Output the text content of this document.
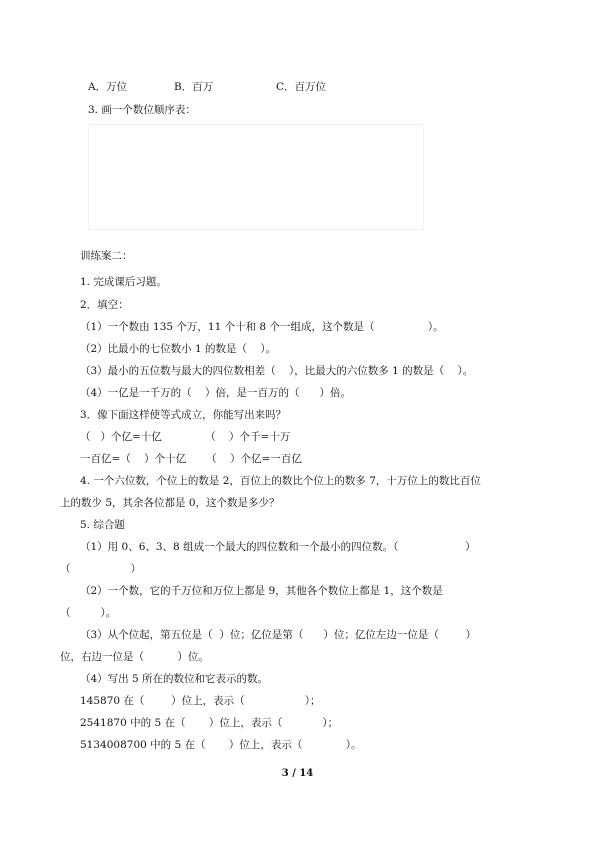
A．万位	B．百万	C．百万位
3. 画一个数位顺序表：
训练案二：
1. 完成课后习题。
2．填空：
（1）一个数由 135 个万，11 个十和 8 个一组成，这个数是（                ）。
（2）比最小的七位数小 1 的数是（    ）。
（3）最小的五位数与最大的四位数相差（    ），比最大的六位数多 1 的数是（    ）。
（4）一亿是一千万的（    ）倍，是一百万的（      ）倍。
3．像下面这样使等式成立，你能写出来吗？
（   ）个亿=十亿             （    ）个千=十万
一百亿=（    ）个十亿      （    ）个亿=一百亿
4. 一个六位数，个位上的数是 2，百位上的数比个位上的数多 7，十万位上的数比百位
上的数少 5，其余各位都是 0，这个数是多少？
5. 综合题
（1）用 0、6、3、8 组成一个最大的四位数和一个最小的四位数。（                    ）
（                  ）
（2）一个数，它的千万位和万位上都是 9，其他各个数位上都是 1，这个数是
（         ）。
（3）从个位起，第五位是（  ）位；亿位是第（      ）位；亿位左边一位是（        ）
位，右边一位是（          ）位。
（4）写出 5 所在的数位和它表示的数。
145870 在（        ）位上，表示（                  ）；
2541870 中的 5 在（       ）位上，表示（            ）；
5134008700 中的 5 在（       ）位上，表示（             ）。
3 / 14
